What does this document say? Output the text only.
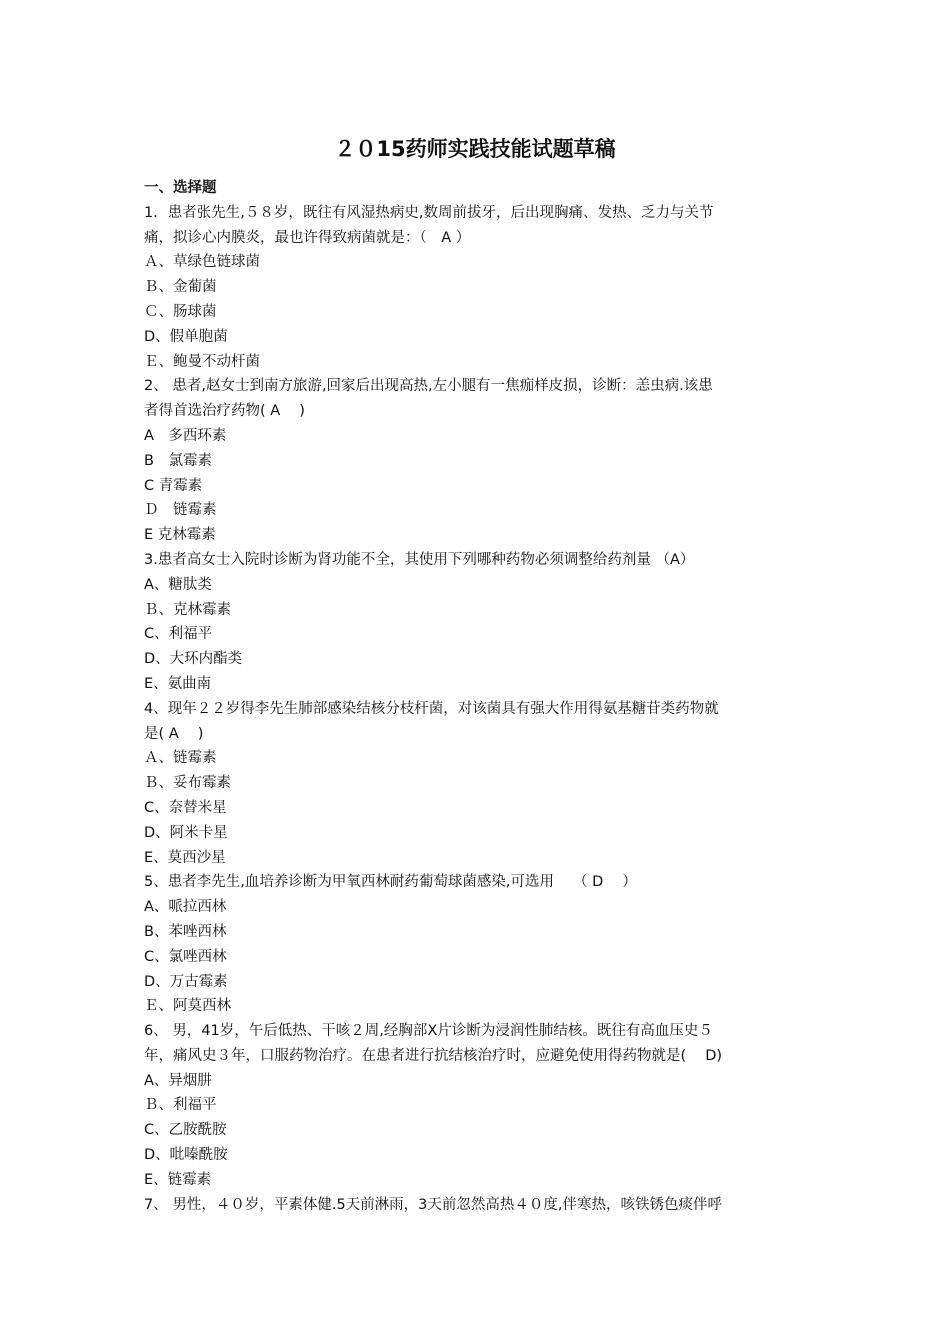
２０15药师实践技能试题草稿
一、选择题
1．患者张先生,５８岁，既往有风湿热病史,数周前拔牙，后出现胸痛、发热、乏力与关节
痛，拟诊心内膜炎，最也许得致病菌就是：（　A ）
Ａ、草绿色链球菌
Ｂ、金葡菌
Ｃ、肠球菌
D、假单胞菌
Ｅ、鲍曼不动杆菌
2、 患者,赵女士到南方旅游,回家后出现高热,左小腿有一焦痂样皮损，诊断：恙虫病.该患
者得首选治疗药物( A　 )
A　多西环素
B　氯霉素
C 青霉素
Ｄ　链霉素
E 克林霉素
3.患者高女士入院时诊断为肾功能不全，其使用下列哪种药物必须调整给药剂量 （A）
A、糖肽类
Ｂ、克林霉素
C、利福平
D、大环内酯类
E、氨曲南
4、现年２２岁得李先生肺部感染结核分枝杆菌，对该菌具有强大作用得氨基糖苷类药物就
是( A　 )
Ａ、链霉素
Ｂ、妥布霉素
C、奈替米星
D、阿米卡星
E、莫西沙星
5、患者李先生,血培养诊断为甲氧西林耐药葡萄球菌感染,可选用　 （ D　 ）
A、哌拉西林
B、苯唑西林
C、氯唑西林
D、万古霉素
Ｅ、阿莫西林
6、 男，41岁，午后低热、干咳２周,经胸部X片诊断为浸润性肺结核。既往有高血压史５
年，痛风史３年，口服药物治疗。在患者进行抗结核治疗时，应避免使用得药物就是(　 D)
A、异烟肼
Ｂ、利福平
C、乙胺酰胺
D、吡嗪酰胺
E、链霉素
7、 男性，４０岁，平素体健.5天前淋雨，3天前忽然高热４０度,伴寒热，咳铁锈色痰伴呼
